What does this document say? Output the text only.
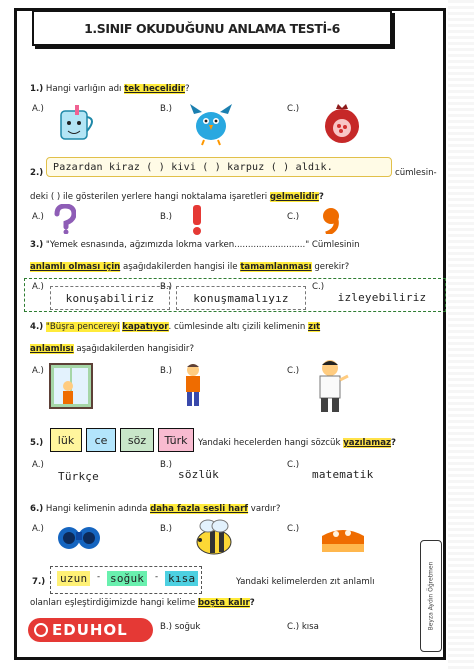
1.SINIF OKUDUĞUNU ANLAMA TESTİ-6
1.) Hangi varlığın adı tek hecelidir?
A.)	B.)	C.)
2.)
Pazardan kiraz ( ) kivi ( ) karpuz ( ) aldık.
cümlesin-
deki ( ) ile gösterilen yerlere hangi noktalama işaretleri gelmelidir?
A.)	B.)	C.)
3.) "Yemek esnasında, ağzımızda lokma varken.........................." Cümlesinin
anlamlı olması için aşağıdakilerden hangisi ile tamamlanması gerekir?
A.)
konuşabiliriz
B.)
konuşmamalıyız
C.)
izleyebiliriz
4.) "Büşra pencereyi kapatıyor. cümlesinde altı çizili kelimenin zıt
anlamlısı aşağıdakilerden hangisidir?
A.)	B.)	C.)
5.)	lük	ce	söz	Türk	Yandaki hecelerden hangi sözcük yazılamaz?
A.)
Türkçe
B.)
sözlük
C.)
matematik
6.) Hangi kelimenin adında daha fazla sesli harf vardır?
A.)	B.)	C.)
7.) uzun	- soğuk	- kısa	Yandaki kelimelerden zıt anlamlı
olanları eşleştirdiğimizde hangi kelime boşta kalır?
B.) soğuk	C.) kısa
EDUHOL	Beyza Aydın Öğretmen
